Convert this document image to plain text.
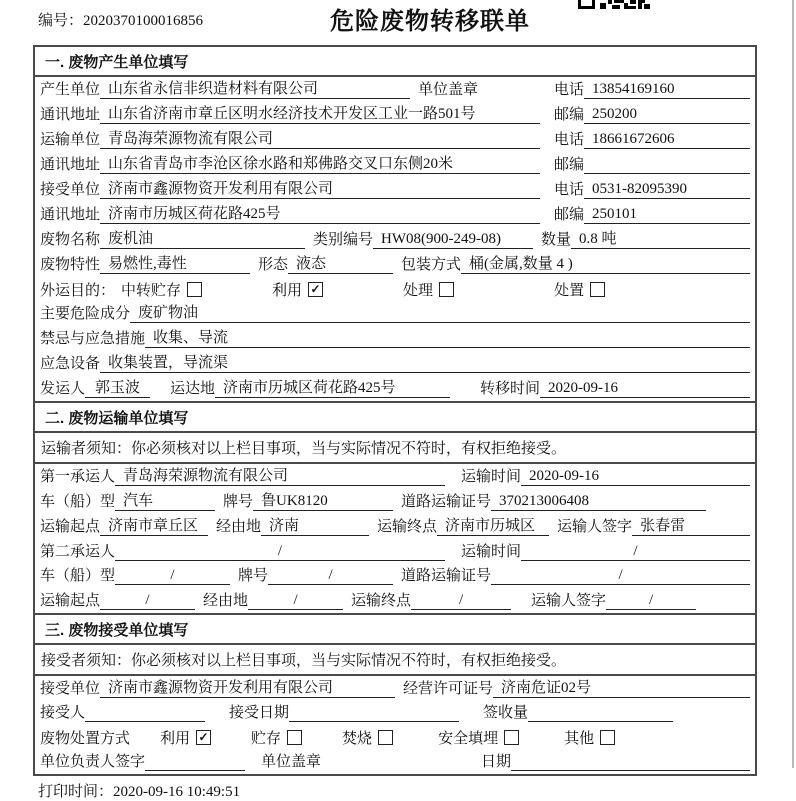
编号：2020370100016856	危险废物转移联单
一. 废物产生单位填写
产生单位 山东省永信非织造材料有限公司	单位盖章	电话 13854169160
通讯地址 山东省济南市章丘区明水经济技术开发区工业一路501号	邮编 250200
运输单位 青岛海荣源物流有限公司	电话 18661672606
通讯地址 山东省青岛市李沧区徐水路和郑佛路交叉口东侧20米	邮编
接受单位 济南市鑫源物资开发利用有限公司	电话 0531-82095390
通讯地址 济南市历城区荷花路425号	邮编 250101
废物名称 废机油	类别编号 HW08(900-249-08)	数量 0.8 吨
废物特性 易燃性,毒性	形态 液态	包装方式 桶(金属,数量 4 )
外运目的： 中转贮存	利用 ✓	处理	处置
主要危险成分 废矿物油
禁忌与应急措施 收集、导流
应急设备 收集装置，导流渠
发运人 郭玉波	运达地 济南市历城区荷花路425号	转移时间 2020-09-16
二. 废物运输单位填写
运输者须知：你必须核对以上栏目事项，当与实际情况不符时，有权拒绝接受。
第一承运人 青岛海荣源物流有限公司	运输时间 2020-09-16
车（船）型 汽车	牌号 鲁UK8120	道路运输证号 370213006408
运输起点 济南市章丘区	经由地 济南	运输终点 济南市历城区	运输人签字 张春雷
第二承运人	/	运输时间	/
车（船）型	/	牌号	/	道路运输证号	/
运输起点	/	经由地	/	运输终点	/	运输人签字	/
三. 废物接受单位填写
接受者须知：你必须核对以上栏目事项，当与实际情况不符时，有权拒绝接受。
接受单位 济南市鑫源物资开发利用有限公司	经营许可证号 济南危证02号
接受人	接受日期	签收量
废物处置方式 利用 ✓	贮存	焚烧	安全填埋	其他
单位负责人签字	单位盖章	日期
打印时间：2020-09-16 10:49:51
